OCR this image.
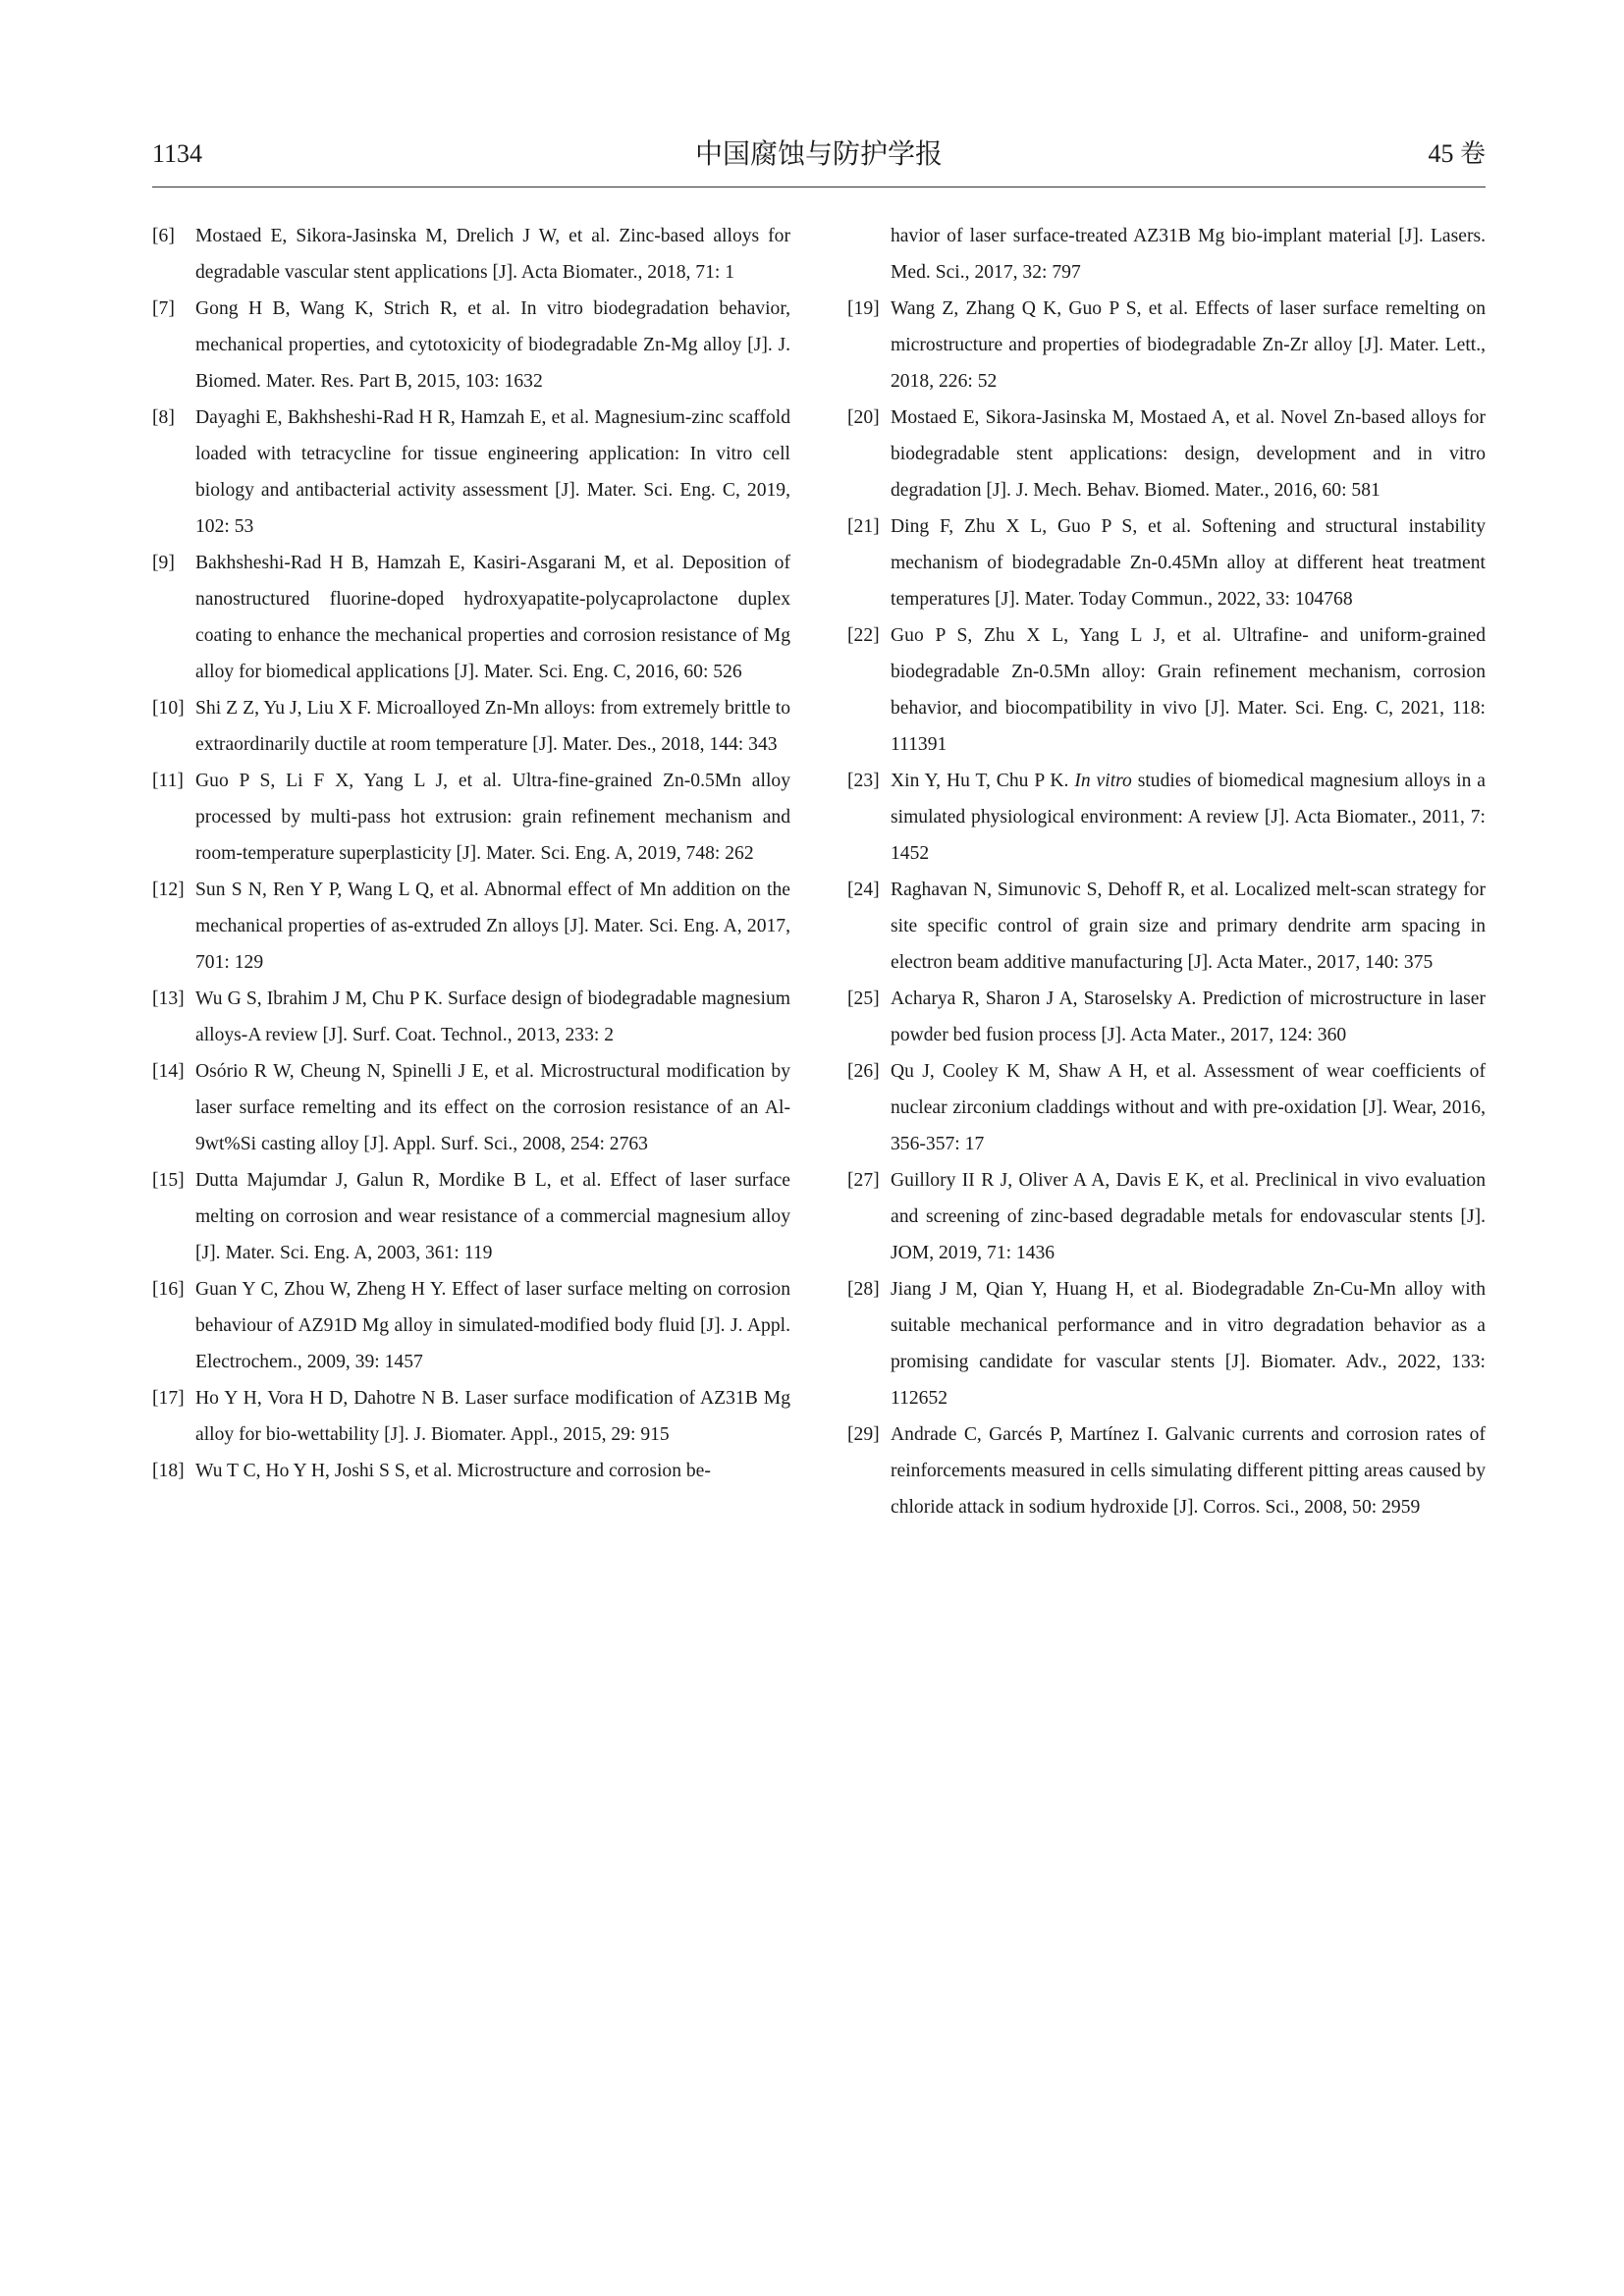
1134	中国腐蚀与防护学报	45 卷
[6] Mostaed E, Sikora-Jasinska M, Drelich J W, et al. Zinc-based alloys for degradable vascular stent applications [J]. Acta Biomater., 2018, 71: 1
[7] Gong H B, Wang K, Strich R, et al. In vitro biodegradation behavior, mechanical properties, and cytotoxicity of biodegradable Zn-Mg alloy [J]. J. Biomed. Mater. Res. Part B, 2015, 103: 1632
[8] Dayaghi E, Bakhsheshi-Rad H R, Hamzah E, et al. Magnesium-zinc scaffold loaded with tetracycline for tissue engineering application: In vitro cell biology and antibacterial activity assessment [J]. Mater. Sci. Eng. C, 2019, 102: 53
[9] Bakhsheshi-Rad H B, Hamzah E, Kasiri-Asgarani M, et al. Deposition of nanostructured fluorine-doped hydroxyapatite-polycaprolactone duplex coating to enhance the mechanical properties and corrosion resistance of Mg alloy for biomedical applications [J]. Mater. Sci. Eng. C, 2016, 60: 526
[10] Shi Z Z, Yu J, Liu X F. Microalloyed Zn-Mn alloys: from extremely brittle to extraordinarily ductile at room temperature [J]. Mater. Des., 2018, 144: 343
[11] Guo P S, Li F X, Yang L J, et al. Ultra-fine-grained Zn-0.5Mn alloy processed by multi-pass hot extrusion: grain refinement mechanism and room-temperature superplasticity [J]. Mater. Sci. Eng. A, 2019, 748: 262
[12] Sun S N, Ren Y P, Wang L Q, et al. Abnormal effect of Mn addition on the mechanical properties of as-extruded Zn alloys [J]. Mater. Sci. Eng. A, 2017, 701: 129
[13] Wu G S, Ibrahim J M, Chu P K. Surface design of biodegradable magnesium alloys-A review [J]. Surf. Coat. Technol., 2013, 233: 2
[14] Osório R W, Cheung N, Spinelli J E, et al. Microstructural modification by laser surface remelting and its effect on the corrosion resistance of an Al-9wt%Si casting alloy [J]. Appl. Surf. Sci., 2008, 254: 2763
[15] Dutta Majumdar J, Galun R, Mordike B L, et al. Effect of laser surface melting on corrosion and wear resistance of a commercial magnesium alloy [J]. Mater. Sci. Eng. A, 2003, 361: 119
[16] Guan Y C, Zhou W, Zheng H Y. Effect of laser surface melting on corrosion behaviour of AZ91D Mg alloy in simulated-modified body fluid [J]. J. Appl. Electrochem., 2009, 39: 1457
[17] Ho Y H, Vora H D, Dahotre N B. Laser surface modification of AZ31B Mg alloy for bio-wettability [J]. J. Biomater. Appl., 2015, 29: 915
[18] Wu T C, Ho Y H, Joshi S S, et al. Microstructure and corrosion be-
havior of laser surface-treated AZ31B Mg bio-implant material [J]. Lasers. Med. Sci., 2017, 32: 797
[19] Wang Z, Zhang Q K, Guo P S, et al. Effects of laser surface remelting on microstructure and properties of biodegradable Zn-Zr alloy [J]. Mater. Lett., 2018, 226: 52
[20] Mostaed E, Sikora-Jasinska M, Mostaed A, et al. Novel Zn-based alloys for biodegradable stent applications: design, development and in vitro degradation [J]. J. Mech. Behav. Biomed. Mater., 2016, 60: 581
[21] Ding F, Zhu X L, Guo P S, et al. Softening and structural instability mechanism of biodegradable Zn-0.45Mn alloy at different heat treatment temperatures [J]. Mater. Today Commun., 2022, 33: 104768
[22] Guo P S, Zhu X L, Yang L J, et al. Ultrafine- and uniform-grained biodegradable Zn-0.5Mn alloy: Grain refinement mechanism, corrosion behavior, and biocompatibility in vivo [J]. Mater. Sci. Eng. C, 2021, 118: 111391
[23] Xin Y, Hu T, Chu P K. In vitro studies of biomedical magnesium alloys in a simulated physiological environment: A review [J]. Acta Biomater., 2011, 7: 1452
[24] Raghavan N, Simunovic S, Dehoff R, et al. Localized melt-scan strategy for site specific control of grain size and primary dendrite arm spacing in electron beam additive manufacturing [J]. Acta Mater., 2017, 140: 375
[25] Acharya R, Sharon J A, Staroselsky A. Prediction of microstructure in laser powder bed fusion process [J]. Acta Mater., 2017, 124: 360
[26] Qu J, Cooley K M, Shaw A H, et al. Assessment of wear coefficients of nuclear zirconium claddings without and with pre-oxidation [J]. Wear, 2016, 356-357: 17
[27] Guillory II R J, Oliver A A, Davis E K, et al. Preclinical in vivo evaluation and screening of zinc-based degradable metals for endovascular stents [J]. JOM, 2019, 71: 1436
[28] Jiang J M, Qian Y, Huang H, et al. Biodegradable Zn-Cu-Mn alloy with suitable mechanical performance and in vitro degradation behavior as a promising candidate for vascular stents [J]. Biomater. Adv., 2022, 133: 112652
[29] Andrade C, Garcés P, Martínez I. Galvanic currents and corrosion rates of reinforcements measured in cells simulating different pitting areas caused by chloride attack in sodium hydroxide [J]. Corros. Sci., 2008, 50: 2959
